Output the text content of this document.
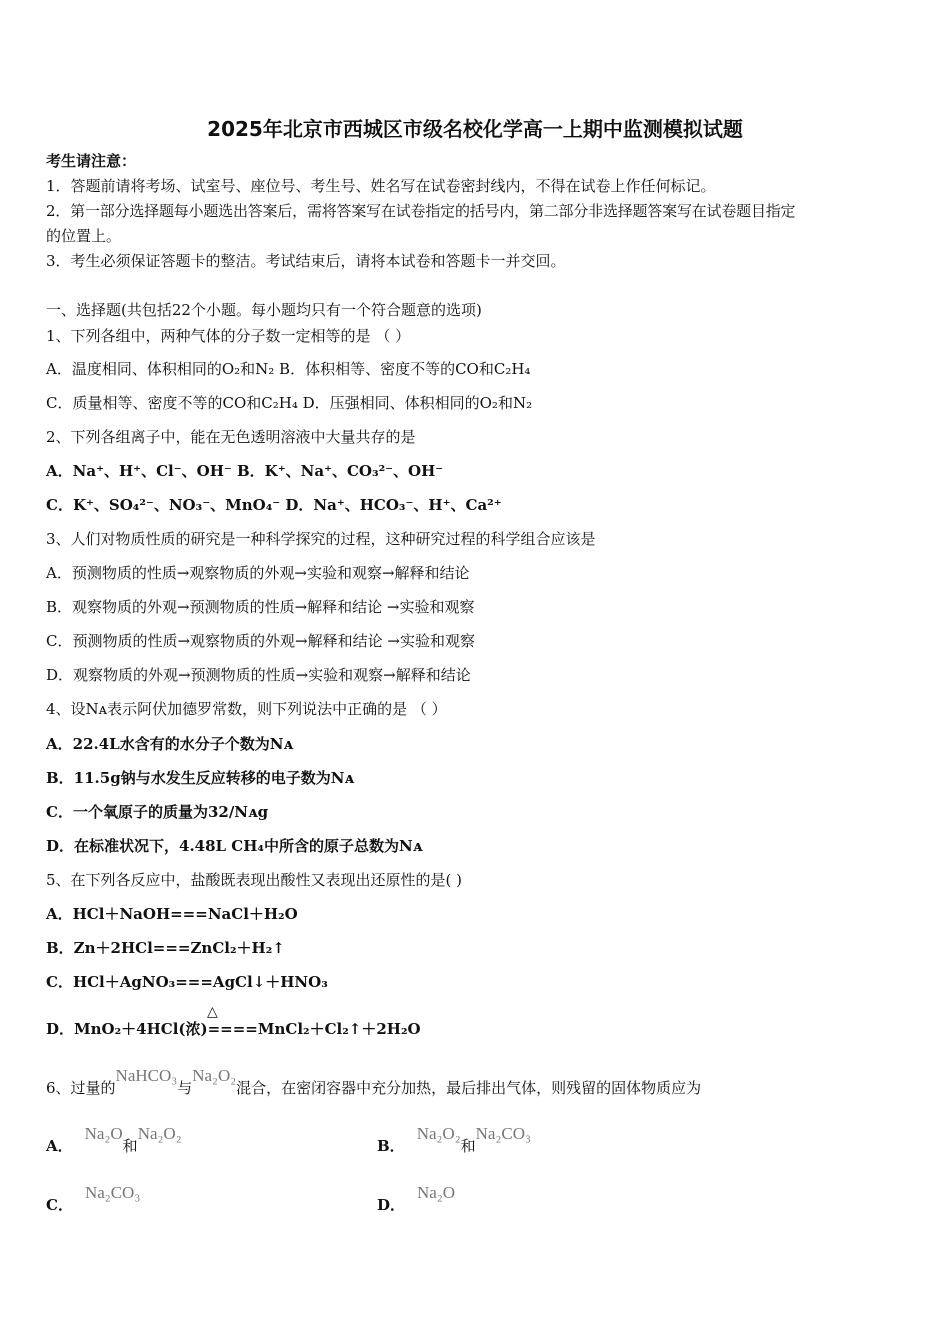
2025年北京市西城区市级名校化学高一上期中监测模拟试题
考生请注意：
1．答题前请将考场、试室号、座位号、考生号、姓名写在试卷密封线内，不得在试卷上作任何标记。
2．第一部分选择题每小题选出答案后，需将答案写在试卷指定的括号内，第二部分非选择题答案写在试卷题目指定
的位置上。
3．考生必须保证答题卡的整洁。考试结束后，请将本试卷和答题卡一并交回。
一、选择题(共包括22个小题。每小题均只有一个符合题意的选项)
1、下列各组中，两种气体的分子数一定相等的是 （ ）
A．温度相同、体积相同的O₂和N₂ B．体积相等、密度不等的CO和C₂H₄
C．质量相等、密度不等的CO和C₂H₄ D．压强相同、体积相同的O₂和N₂
2、下列各组离子中，能在无色透明溶液中大量共存的是
A．Na⁺、H⁺、Cl⁻、OH⁻ B．K⁺、Na⁺、CO₃²⁻、OH⁻
C．K⁺、SO₄²⁻、NO₃⁻、MnO₄⁻ D．Na⁺、HCO₃⁻、H⁺、Ca²⁺
3、人们对物质性质的研究是一种科学探究的过程，这种研究过程的科学组合应该是
A．预测物质的性质→观察物质的外观→实验和观察→解释和结论
B．观察物质的外观→预测物质的性质→解释和结论 →实验和观察
C．预测物质的性质→观察物质的外观→解释和结论 →实验和观察
D．观察物质的外观→预测物质的性质→实验和观察→解释和结论
4、设Nᴀ表示阿伏加德罗常数，则下列说法中正确的是 （ ）
A．22.4L水含有的水分子个数为Nᴀ
B．11.5g钠与水发生反应转移的电子数为Nᴀ
C．一个氧原子的质量为32/Nᴀg
D．在标准状况下，4.48L CH₄中所含的原子总数为Nᴀ
5、在下列各反应中，盐酸既表现出酸性又表现出还原性的是( )
A．HCl＋NaOH===NaCl＋H₂O
B．Zn＋2HCl===ZnCl₂＋H₂↑
C．HCl＋AgNO₃===AgCl↓＋HNO₃
△
D．MnO₂＋4HCl(浓)====MnCl₂＋Cl₂↑＋2H₂O
6、过量的NaHCO₃与Na₂O₂混合，在密闭容器中充分加热，最后排出气体，则残留的固体物质应为
A．Na₂O和Na₂O₂
B．Na₂O₂和Na₂CO₃
C．Na₂CO₃
D．Na₂O
